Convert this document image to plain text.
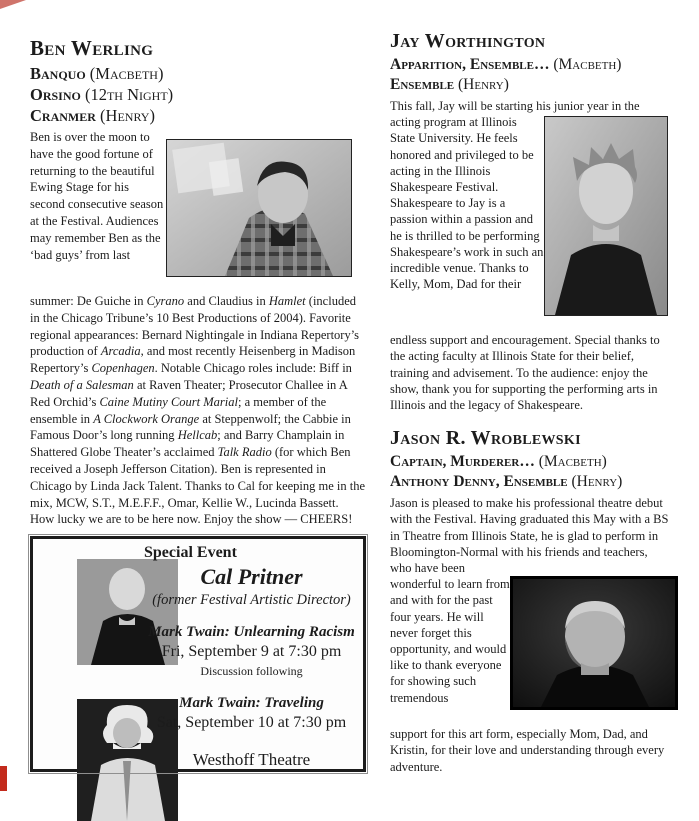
Ben Werling
Banquo (Macbeth)
Orsino (12th Night)
Cranmer (Henry)

Ben is over the moon to have the good fortune of returning to the beautiful Ewing Stage for his second consecutive season at the Festival. Audiences may remember Ben as the ‘bad guys’ from last

summer: De Guiche in Cyrano and Claudius in Hamlet (included in the Chicago Tribune’s 10 Best Productions of 2004). Favorite regional appearances: Bernard Nightingale in Indiana Repertory’s production of Arcadia, and most recently Heisenberg in Madison Repertory’s Copenhagen. Notable Chicago roles include: Biff in Death of a Salesman at Raven Theater; Prosecutor Challee in A Red Orchid’s Caine Mutiny Court Marial; a member of the ensemble in A Clockwork Orange at Steppenwolf; the Cabbie in Famous Door’s long running Hellcab; and Barry Champlain in Shattered Globe Theater’s acclaimed Talk Radio (for which Ben received a Joseph Jefferson Citation). Ben is represented in Chicago by Linda Jack Talent. Thanks to Cal for keeping me in the mix, MCW, S.T., M.E.F.F., Omar, Kellie W., Lucinda Bassett. How lucky we are to be here now. Enjoy the show — CHEERS!

Special Event
Cal Pritner
(former Festival Artistic Director)
Mark Twain: Unlearning Racism
Fri, September 9 at 7:30 pm
Discussion following
Mark Twain: Traveling
Sat, September 10 at 7:30 pm
Westhoff Theatre
Jay Worthington
Apparition, Ensemble… (Macbeth)
Ensemble (Henry)

This fall, Jay will be starting his junior year in the

acting program at Illinois State University. He feels honored and privileged to be acting in the Illinois Shakespeare Festival. Shakespeare to Jay is a passion within a passion and he is thrilled to be performing Shakespeare’s work in such an incredible venue. Thanks to Kelly, Mom, Dad for their

endless support and encouragement. Special thanks to the acting faculty at Illinois State for their belief, training and advisement. To the audience: enjoy the show, thank you for supporting the performing arts in Illinois and the legacy of Shakespeare.

Jason R. Wroblewski
Captain, Murderer… (Macbeth)
Anthony Denny, Ensemble (Henry)

Jason is pleased to make his professional theatre debut with the Festival. Having graduated this May with a BS in Theatre from Illinois State, he is glad to perform in Bloomington-Normal with his friends and teachers, who have been

wonderful to learn from and with for the past four years. He will never forget this opportunity, and would like to thank everyone for showing such tremendous

support for this art form, especially Mom, Dad, and Kristin, for their love and understanding through every adventure.
